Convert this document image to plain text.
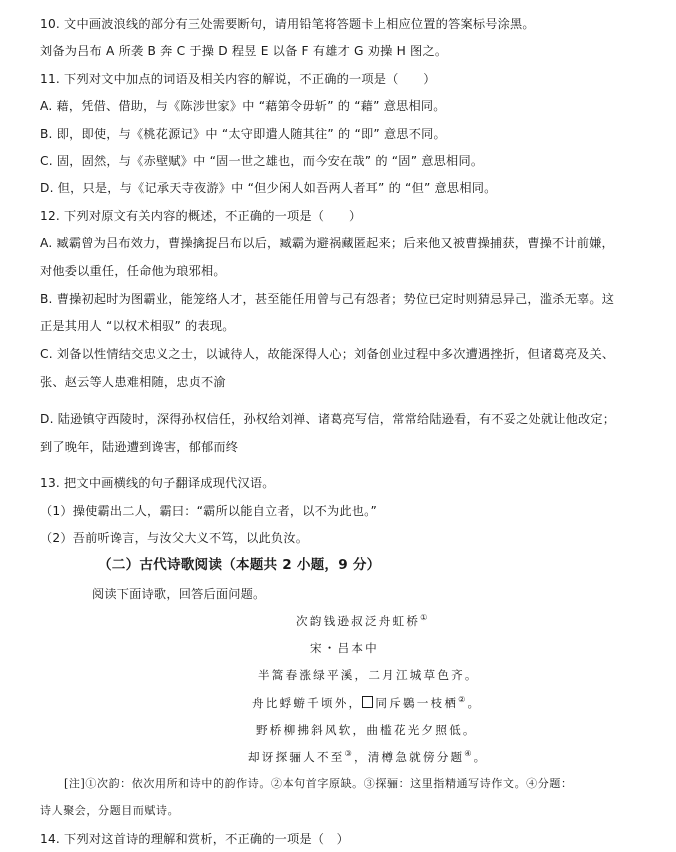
10. 文中画波浪线的部分有三处需要断句，请用铅笔将答题卡上相应位置的答案标号涂黑。
刘备为吕布 A 所袭 B 奔 C 于操 D 程昱 E 以备 F 有雄才 G 劝操 H 图之。
11. 下列对文中加点的词语及相关内容的解说，不正确的一项是（　　）
A. 藉，凭借、借助，与《陈涉世家》中 “藉第令毋斩” 的 “藉” 意思相同。
B. 即，即使，与《桃花源记》中 “太守即遣人随其往” 的 “即” 意思不同。
C. 固，固然，与《赤壁赋》中 “固一世之雄也，而今安在哉” 的 “固” 意思相同。
D. 但，只是，与《记承天寺夜游》中 “但少闲人如吾两人者耳” 的 “但” 意思相同。
12. 下列对原文有关内容的概述，不正确的一项是（　　）
A. 臧霸曾为吕布效力，曹操擒捉吕布以后，臧霸为避祸藏匿起来；后来他又被曹操捕获，曹操不计前嫌，
对他委以重任，任命他为琅邪相。
B. 曹操初起时为图霸业，能笼络人才，甚至能任用曾与己有怨者；势位已定时则猜忌异己，滥杀无辜。这
正是其用人 “以权术相驭” 的表现。
C. 刘备以性情结交忠义之士，以诚待人，故能深得人心；刘备创业过程中多次遭遇挫折，但诸葛亮及关、
张、赵云等人患难相随，忠贞不渝
D. 陆逊镇守西陵时，深得孙权信任，孙权给刘禅、诸葛亮写信，常常给陆逊看，有不妥之处就让他改定；
到了晚年，陆逊遭到谗害，郁郁而终
13. 把文中画横线的句子翻译成现代汉语。
（1）操使霸出二人，霸曰：“霸所以能自立者，以不为此也。”
（2）吾前听谗言，与汝父大义不笃，以此负汝。
（二）古代诗歌阅读（本题共 2 小题，9 分）
阅读下面诗歌，回答后面问题。
次韵钱逊叔泛舟虹桥①
宋・吕本中
半篙春涨绿平溪，二月江城草色齐。
舟比蜉蝣千顷外， 同斥鷃一枝栖②。
野桥柳拂斜风软，曲槛花光夕照低。
却讶探骊人不至③，清樽急就傍分题④。
[注]①次韵：依次用所和诗中的韵作诗。②本句首字原缺。③探骊：这里指精通写诗作文。④分题：
诗人聚会，分题目而赋诗。
14. 下列对这首诗的理解和赏析，不正确的一项是（　）
